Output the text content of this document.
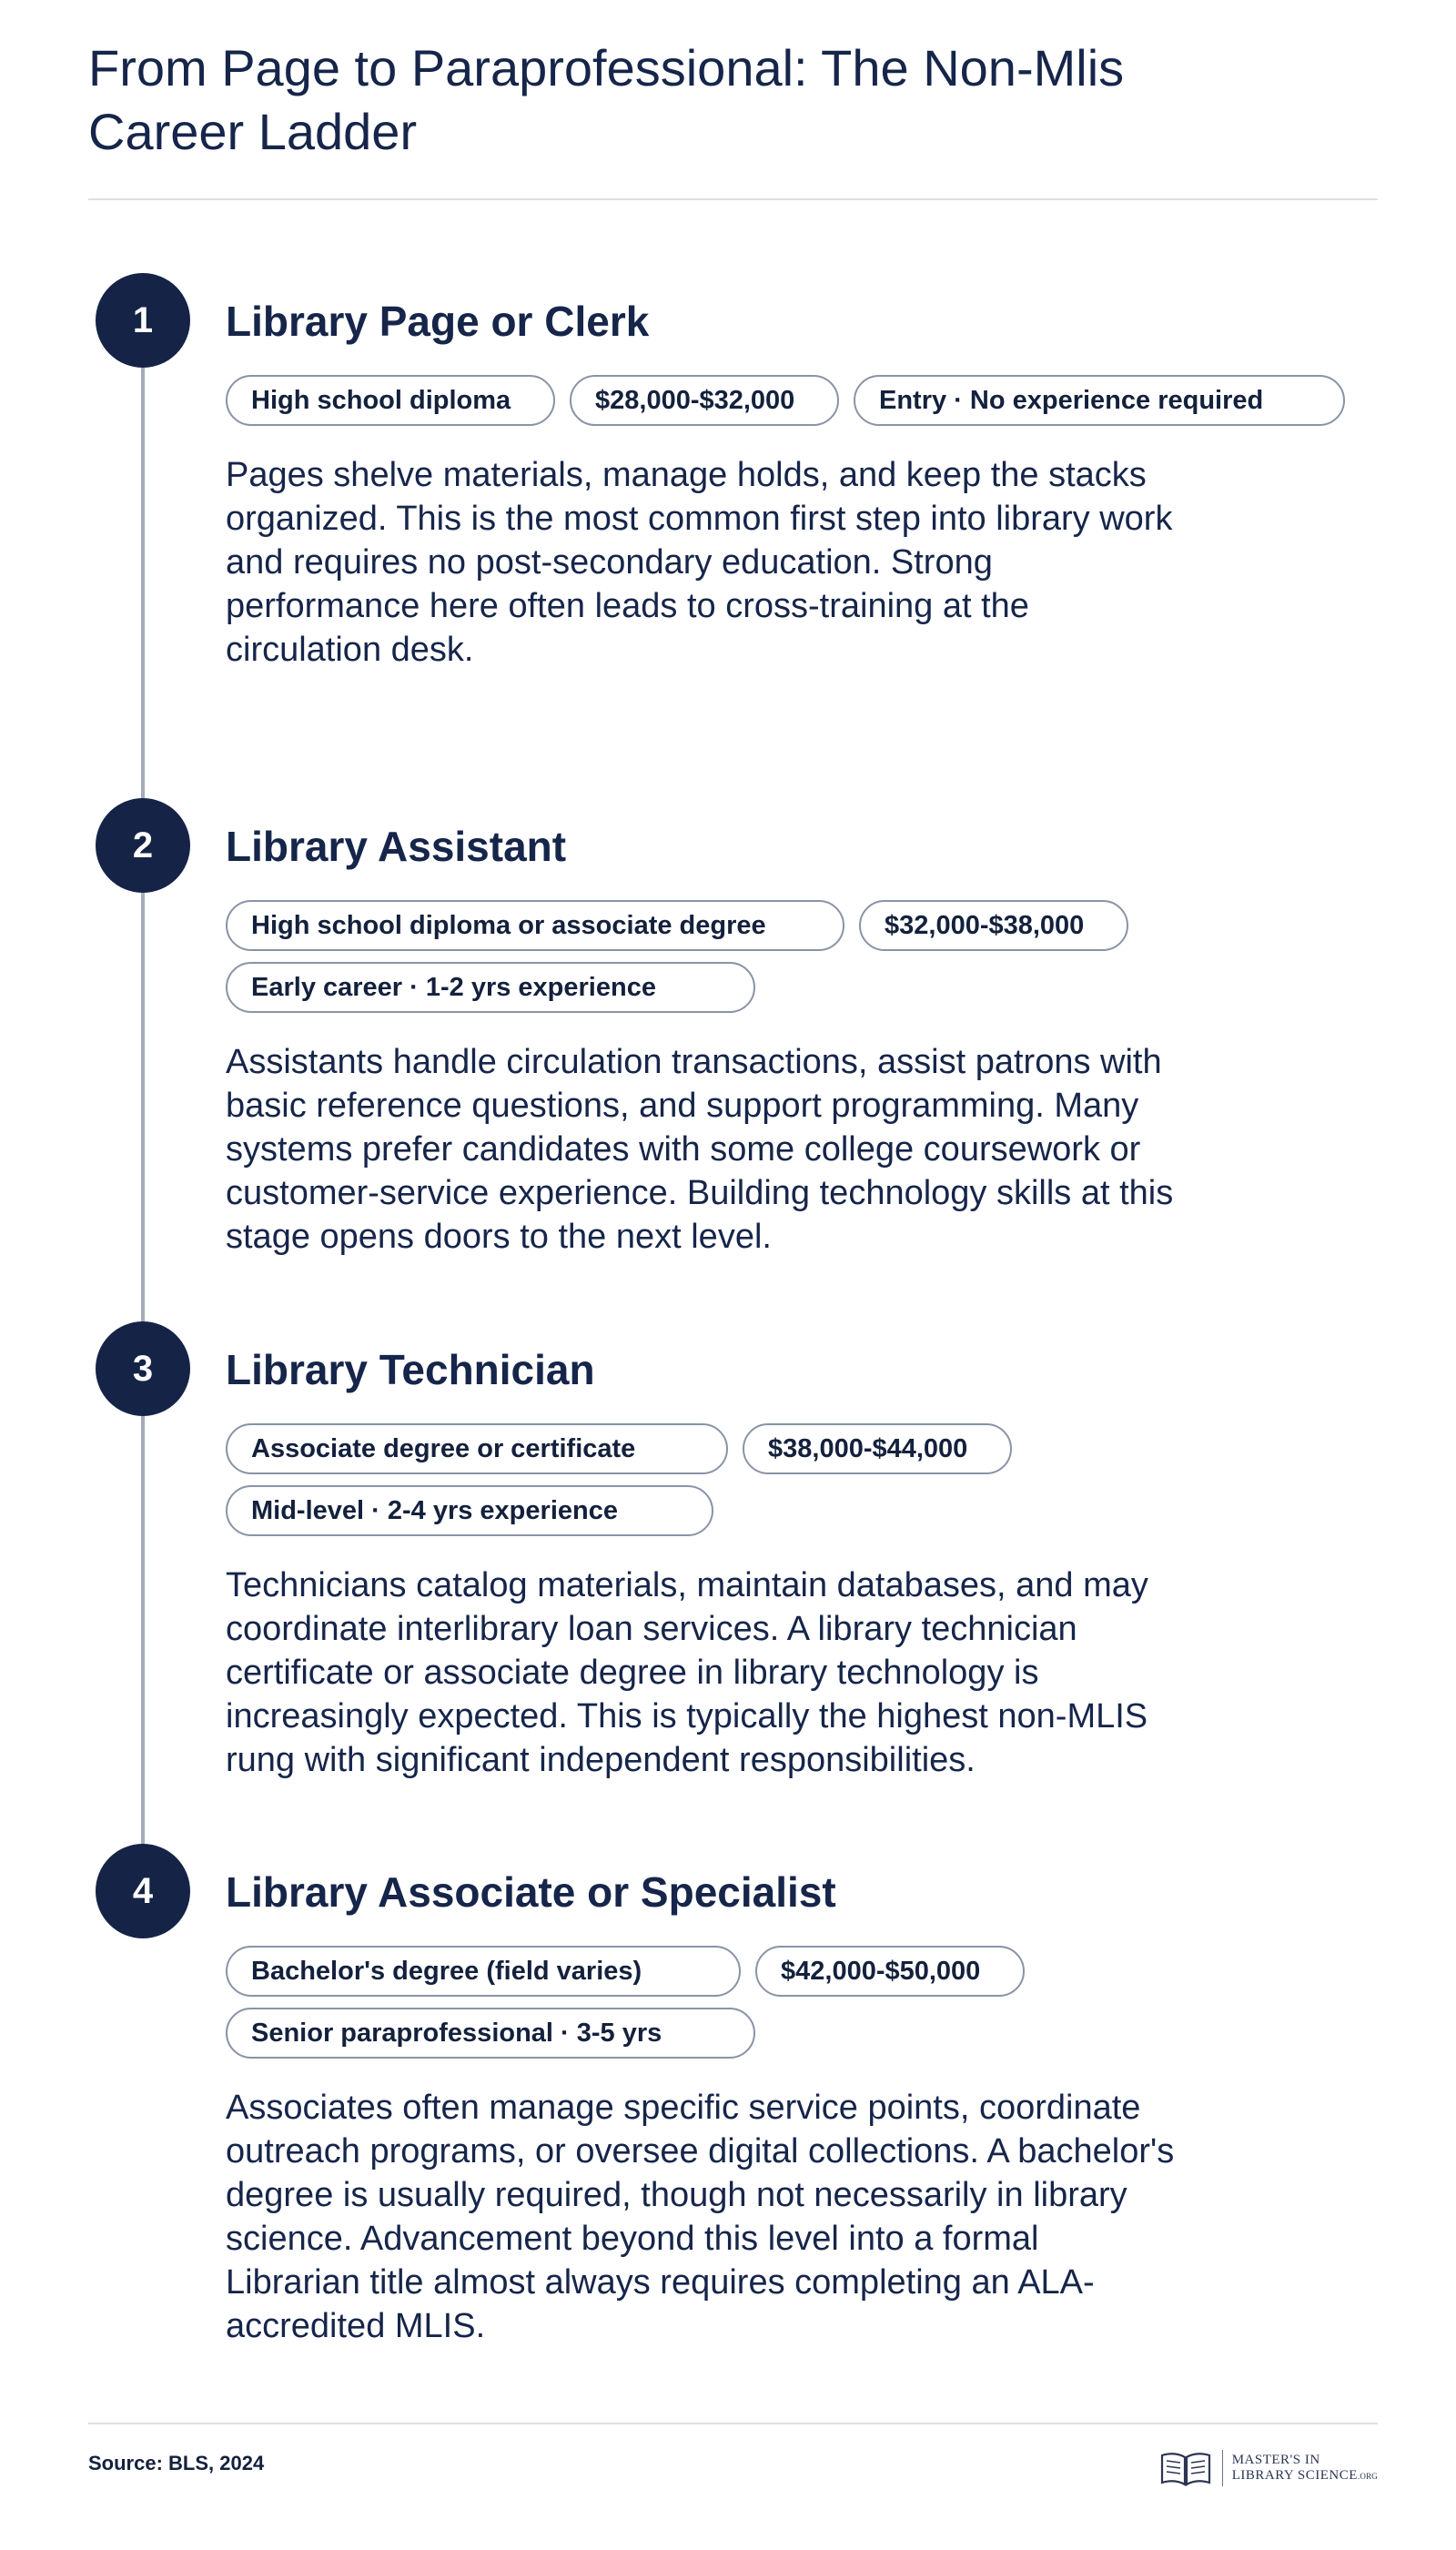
From Page to Paraprofessional: The Non-Mlis Career Ladder
1	Library Page or Clerk
High school diploma	$28,000-$32,000	Entry · No experience required

Pages shelve materials, manage holds, and keep the stacks organized. This is the most common first step into library work and requires no post-secondary education. Strong performance here often leads to cross-training at the circulation desk.

2	Library Assistant
High school diploma or associate degree	$32,000-$38,000
Early career · 1-2 yrs experience

Assistants handle circulation transactions, assist patrons with basic reference questions, and support programming. Many systems prefer candidates with some college coursework or customer-service experience. Building technology skills at this stage opens doors to the next level.

3	Library Technician
Associate degree or certificate	$38,000-$44,000
Mid-level · 2-4 yrs experience

Technicians catalog materials, maintain databases, and may coordinate interlibrary loan services. A library technician certificate or associate degree in library technology is increasingly expected. This is typically the highest non-MLIS rung with significant independent responsibilities.

4	Library Associate or Specialist
Bachelor's degree (field varies)	$42,000-$50,000
Senior paraprofessional · 3-5 yrs

Associates often manage specific service points, coordinate outreach programs, or oversee digital collections. A bachelor's degree is usually required, though not necessarily in library science. Advancement beyond this level into a formal Librarian title almost always requires completing an ALA-accredited MLIS.

Source: BLS, 2024	MASTER'S IN
LIBRARY SCIENCE.ORG
